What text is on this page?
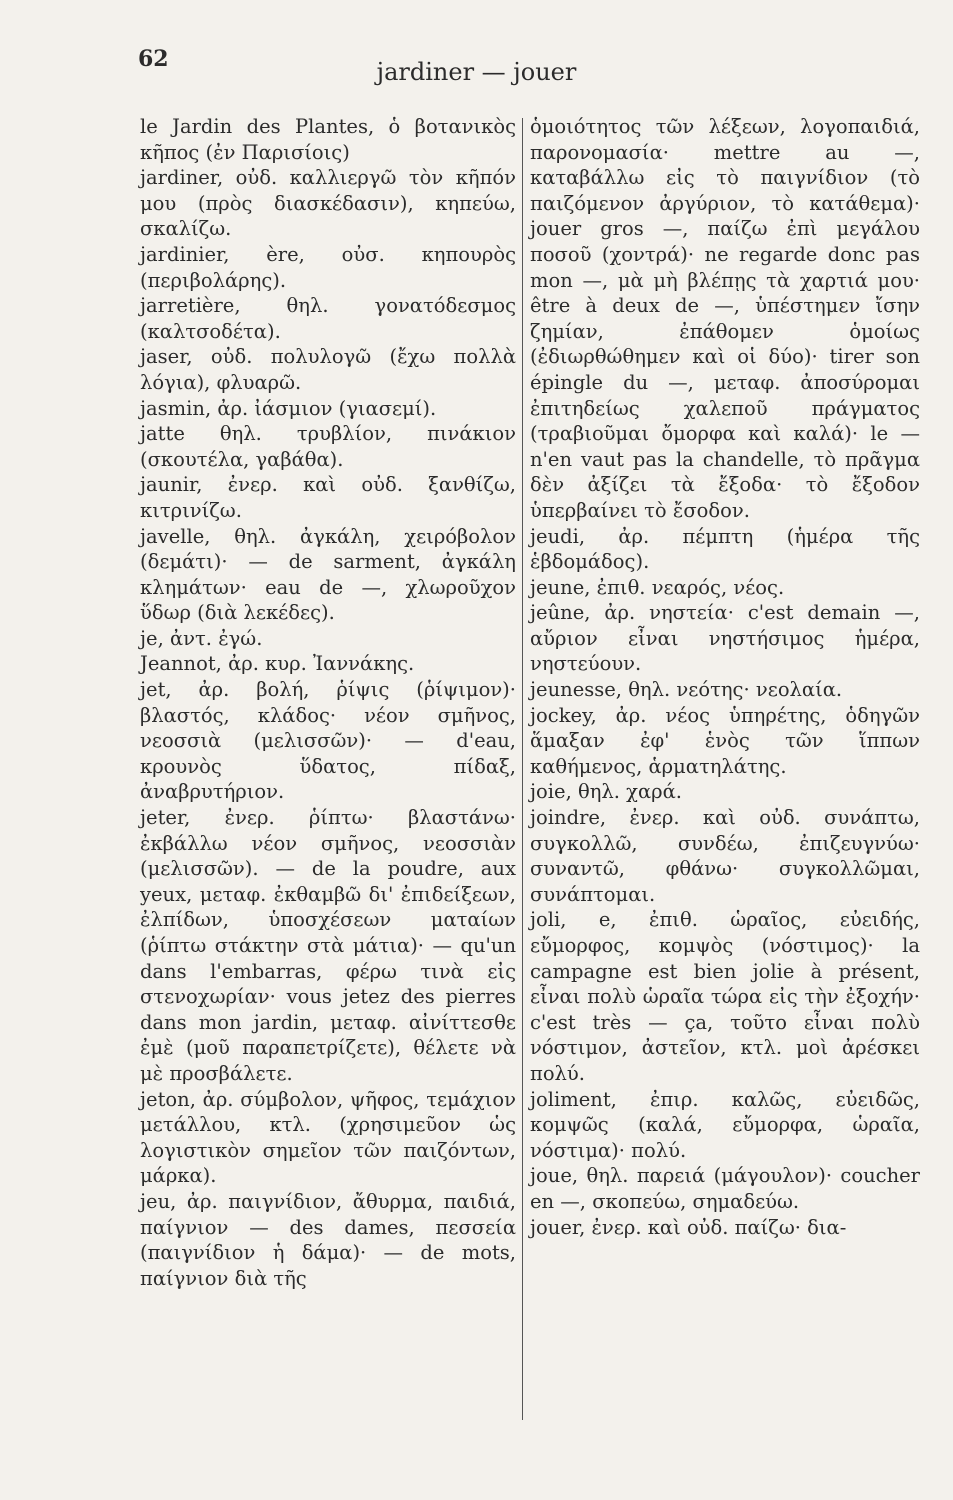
62	jardiner — jouer

le Jardin des Plantes, ὁ βοτανικὸς κῆπος (ἐν Παρισίοις)

jardiner, οὐδ. καλλιεργῶ τὸν κῆπόν μου (πρὸς διασκέδασιν), κηπεύω, σκαλίζω.

jardinier, ère, οὐσ. κηπουρὸς (περιβολάρης).

jarretière, θηλ. γονατόδεσμος (καλτσοδέτα).

jaser, οὐδ. πολυλογῶ (ἔχω πολλὰ λόγια), φλυαρῶ.

jasmin, ἀρ. ἰάσμιον (γιασεμί).

jatte θηλ. τρυβλίον, πινάκιον (σκουτέλα, γαβάθα).

jaunir, ἐνερ. καὶ οὐδ. ξανθίζω, κιτρινίζω.

javelle, θηλ. ἀγκάλη, χειρόβολον (δεμάτι)· — de sarment, ἀγκάλη κλημάτων· eau de —, χλωροῦχον ὕδωρ (διὰ λεκέδες).

je, ἀντ. ἐγώ.

Jeannot, ἀρ. κυρ. Ἰαννάκης.

jet, ἀρ. βολή, ῥίψις (ῥίψιμον)· βλαστός, κλάδος· νέον σμῆνος, νεοσσιὰ (μελισσῶν)· — d'eau, κρουνὸς ὕδατος, πίδαξ, ἀναβρυτήριον.

jeter, ἐνερ. ῥίπτω· βλαστάνω· ἐκβάλλω νέον σμῆνος, νεοσσιὰν (μελισσῶν). — de la poudre, aux yeux, μεταφ. ἐκθαμβῶ δι' ἐπιδείξεων, ἐλπίδων, ὑποσχέσεων ματαίων (ῥίπτω στάκτην στὰ μάτια)· — qu'un dans l'embarras, φέρω τινὰ εἰς στενοχωρίαν· vous jetez des pierres dans mon jardin, μεταφ. αἰνίττεσθε ἐμὲ (μοῦ παραπετρίζετε), θέλετε νὰ μὲ προσβάλετε.

jeton, ἀρ. σύμβολον, ψῆφος, τεμάχιον μετάλλου, κτλ. (χρησιμεῦον ὡς λογιστικὸν σημεῖον τῶν παιζόντων, μάρκα).

jeu, ἀρ. παιγνίδιον, ἄθυρμα, παιδιά, παίγνιον — des dames, πεσσεία (παιγνίδιον ἡ δάμα)· — de mots, παίγνιον διὰ τῆς

ὁμοιότητος τῶν λέξεων, λογοπαιδιά, παρονομασία· mettre au —, καταβάλλω εἰς τὸ παιγνίδιον (τὸ παιζόμενον ἀργύριον, τὸ κατάθεμα)· jouer gros —, παίζω ἐπὶ μεγάλου ποσοῦ (χοντρά)· ne regarde donc pas mon —, μὰ μὴ βλέπῃς τὰ χαρτιά μου· être à deux de —, ὑπέστημεν ἴσην ζημίαν, ἐπάθομεν ὁμοίως (ἐδιωρθώθημεν καὶ οἱ δύο)· tirer son épingle du —, μεταφ. ἀποσύρομαι ἐπιτηδείως χαλεποῦ πράγματος (τραβιοῦμαι ὄμορφα καὶ καλά)· le — n'en vaut pas la chandelle, τὸ πρᾶγμα δὲν ἀξίζει τὰ ἔξοδα· τὸ ἔξοδον ὑπερβαίνει τὸ ἔσοδον.

jeudi, ἀρ. πέμπτη (ἡμέρα τῆς ἑβδομάδος).

jeune, ἐπιθ. νεαρός, νέος.

jeûne, ἀρ. νηστεία· c'est demain —, αὔριον εἶναι νηστήσιμος ἡμέρα, νηστεύουν.

jeunesse, θηλ. νεότης· νεολαία.

jockey, ἀρ. νέος ὑπηρέτης, ὁδηγῶν ἅμαξαν ἐφ' ἑνὸς τῶν ἵππων καθήμενος, ἁρματηλάτης.

joie, θηλ. χαρά.

joindre, ἐνερ. καὶ οὐδ. συνάπτω, συγκολλῶ, συνδέω, ἐπιζευγνύω· συναντῶ, φθάνω· συγκολλῶμαι, συνάπτομαι.

joli, e, ἐπιθ. ὡραῖος, εὐειδής, εὔμορφος, κομψὸς (νόστιμος)· la campagne est bien jolie à présent, εἶναι πολὺ ὡραῖα τώρα εἰς τὴν ἐξοχήν· c'est très — ça, τοῦτο εἶναι πολὺ νόστιμον, ἀστεῖον, κτλ. μοὶ ἀρέσκει πολύ.

joliment, ἐπιρ. καλῶς, εὐειδῶς, κομψῶς (καλά, εὔμορφα, ὡραῖα, νόστιμα)· πολύ.

joue, θηλ. παρειά (μάγουλον)· coucher en —, σκοπεύω, σημαδεύω.

jouer, ἐνερ. καὶ οὐδ. παίζω· δια-
